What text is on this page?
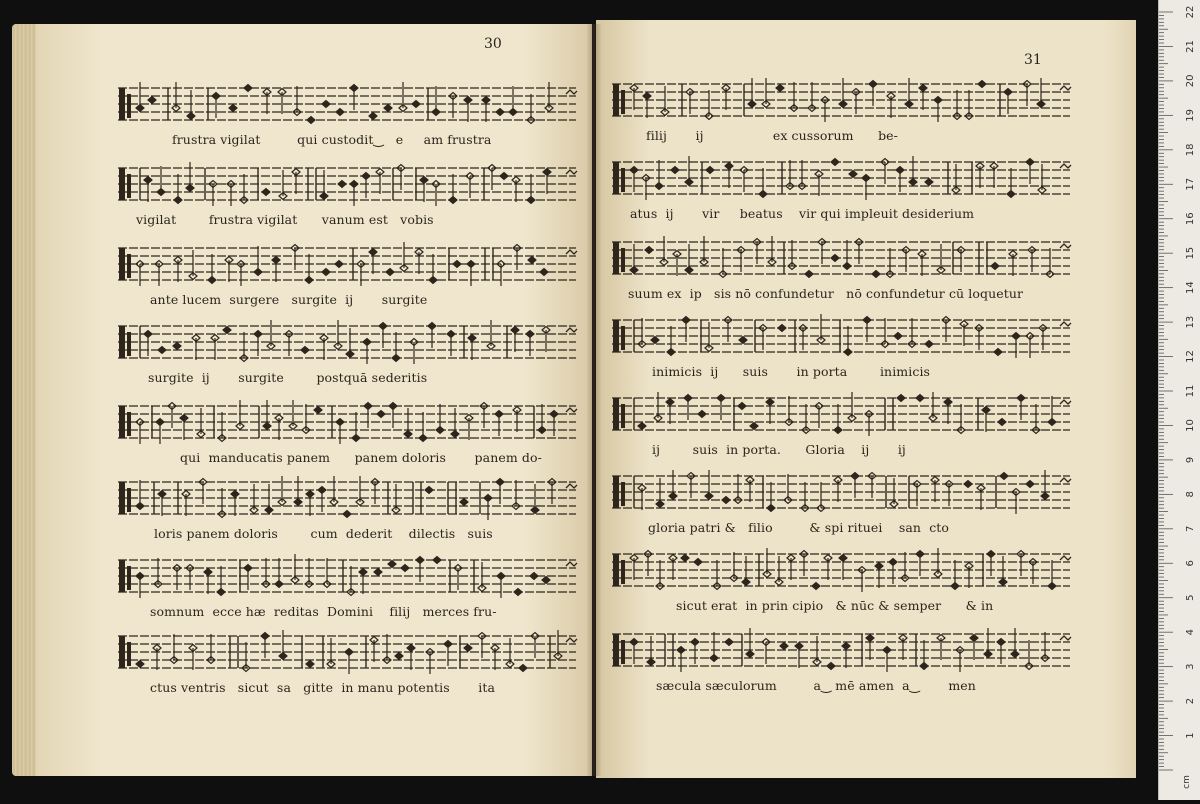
30
31
frustra vigilat         qui custodit‿   e     am frustra
vigilat        frustra vigilat      vanum est   vobis
ante lucem  surgere   surgite  ij       surgite
surgite  ij       surgite        postquā sederitis
qui  manducatis panem      panem doloris       panem do-
loris panem doloris        cum  dederit    dilectis   suis
somnum  ecce hæ  reditas  Domini    filij   merces fru-
ctus ventris   sicut  sa   gitte  in manu potentis       ita
filij       ij                 ex cussorum      be-
atus  ij       vir     beatus    vir qui impleuit desiderium
suum ex  ip   sis nō confundetur   nō confundetur cū loquetur
inimicis  ij      suis       in porta        inimicis
ij        suis  in porta.      Gloria    ij       ij
gloria patri &   filio         & spi rituei    san  cto
sicut erat  in prin cipio   & nūc & semper      & in
sæcula sæculorum         a‿ mē amen  a‿       men
22
21
20
19
18
17
16
15
14
13
12
11
10
9
8
7
6
5
4
3
2
1
cm
